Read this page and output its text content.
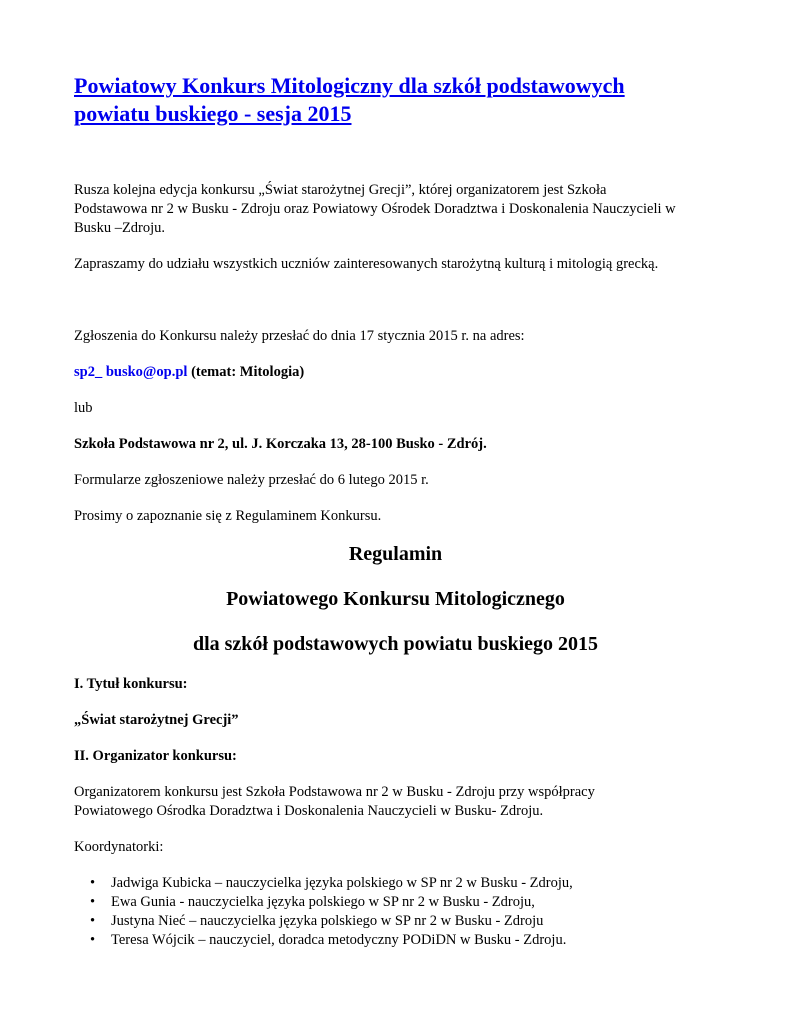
Powiatowy Konkurs Mitologiczny dla szkół podstawowych
powiatu buskiego - sesja 2015

Rusza kolejna edycja konkursu „Świat starożytnej Grecji”, której organizatorem jest Szkoła
Podstawowa nr 2 w Busku - Zdroju oraz Powiatowy Ośrodek Doradztwa i Doskonalenia Nauczycieli w
Busku –Zdroju.

Zapraszamy do udziału wszystkich uczniów zainteresowanych starożytną kulturą i mitologią grecką.

Zgłoszenia do Konkursu należy przesłać do dnia 17 stycznia 2015 r. na adres:

sp2_ busko@op.pl (temat: Mitologia)

lub

Szkoła Podstawowa nr 2, ul. J. Korczaka 13, 28-100 Busko - Zdrój.

Formularze zgłoszeniowe należy przesłać do 6 lutego 2015 r.

Prosimy o zapoznanie się z Regulaminem Konkursu.

Regulamin
Powiatowego Konkursu Mitologicznego
dla szkół podstawowych powiatu buskiego 2015

I. Tytuł konkursu:

„Świat starożytnej Grecji”

II. Organizator konkursu:

Organizatorem konkursu jest Szkoła Podstawowa nr 2 w Busku - Zdroju przy współpracy
Powiatowego Ośrodka Doradztwa i Doskonalenia Nauczycieli w Busku- Zdroju.

Koordynatorki:

• Jadwiga Kubicka – nauczycielka języka polskiego w SP nr 2 w Busku - Zdroju,
• Ewa Gunia - nauczycielka języka polskiego w SP nr 2 w Busku - Zdroju,
• Justyna Nieć – nauczycielka języka polskiego w SP nr 2 w Busku - Zdroju
• Teresa Wójcik – nauczyciel, doradca metodyczny PODiDN w Busku - Zdroju.
